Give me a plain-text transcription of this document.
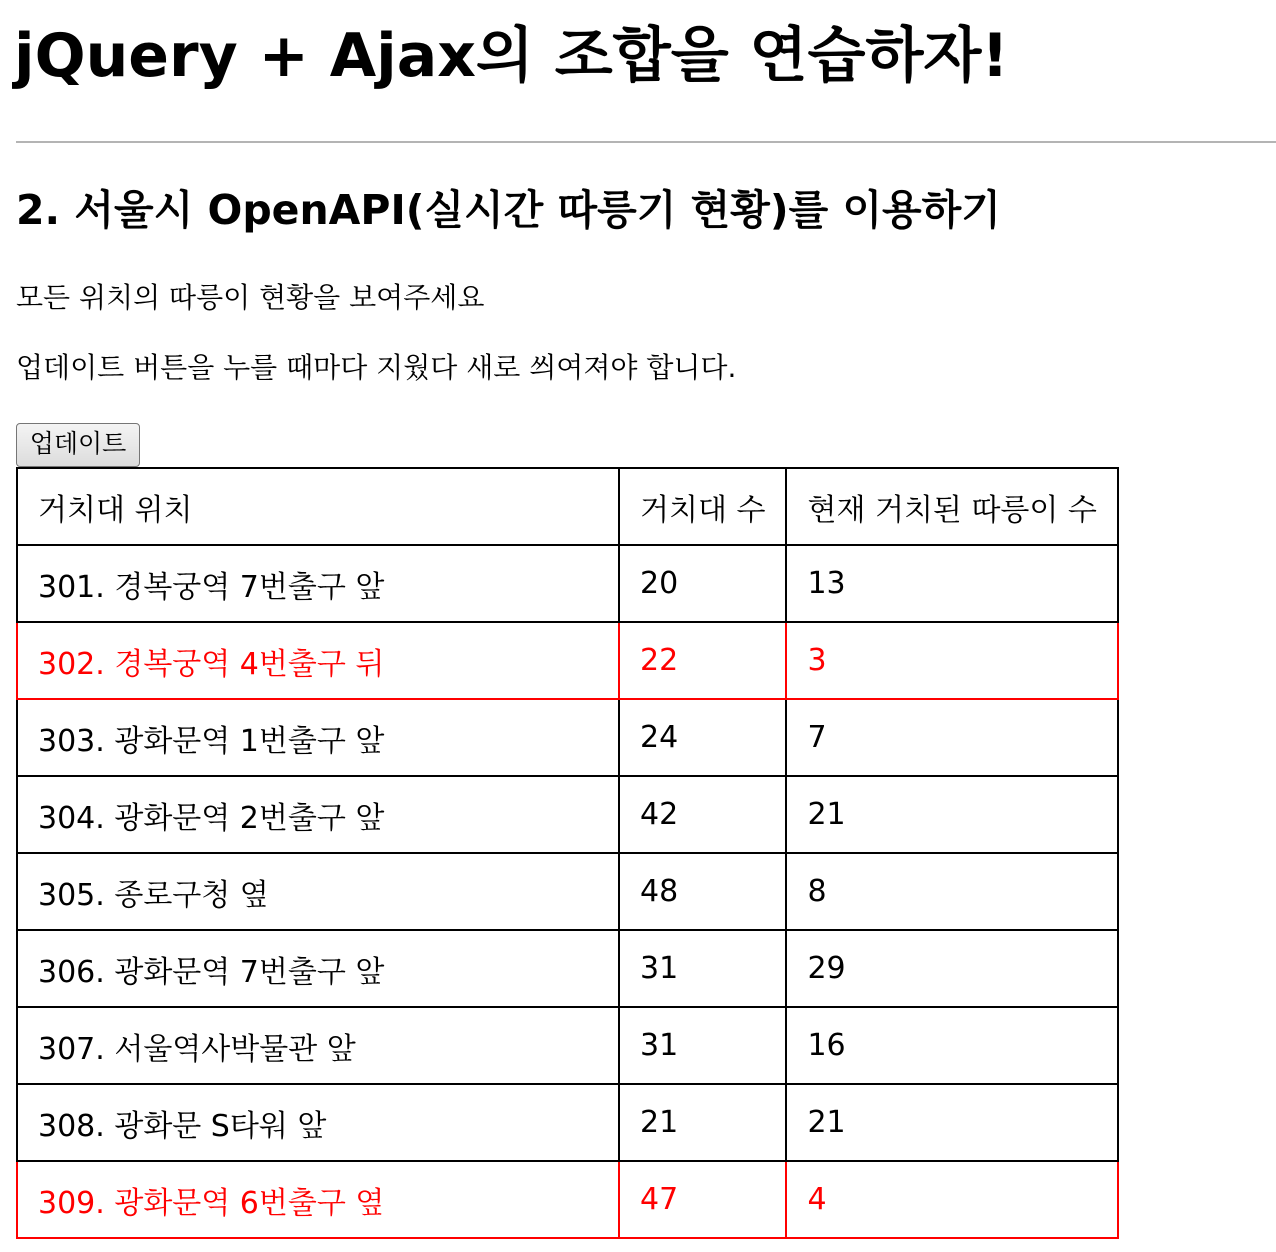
jQuery + Ajax의 조합을 연습하자!
2. 서울시 OpenAPI(실시간 따릉기 현황)를 이용하기

모든 위치의 따릉이 현황을 보여주세요

업데이트 버튼을 누를 때마다 지웠다 새로 씌여져야 합니다.

업데이트
거치대 위치	거치대 수	현재 거치된 따릉이 수
301. 경복궁역 7번출구 앞	20	13
302. 경복궁역 4번출구 뒤	22	3
303. 광화문역 1번출구 앞	24	7
304. 광화문역 2번출구 앞	42	21
305. 종로구청 옆	48	8
306. 광화문역 7번출구 앞	31	29
307. 서울역사박물관 앞	31	16
308. 광화문 S타워 앞	21	21
309. 광화문역 6번출구 옆	47	4
